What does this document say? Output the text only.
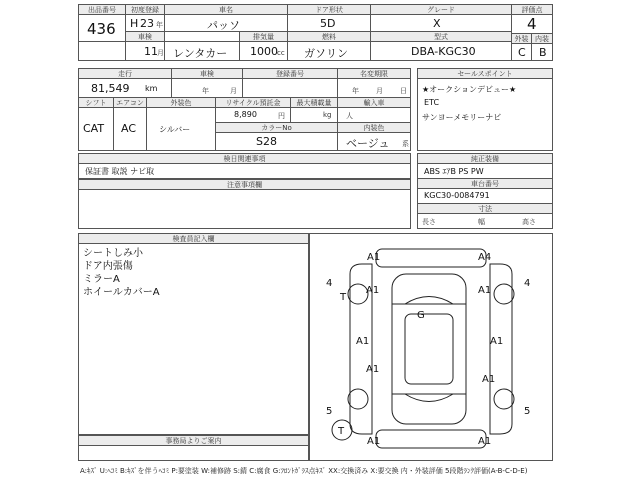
出品番号
436
初度登録
H 23 年
車名
パッソ
ドア形状
5D
グレード
X
評価点
4
車検
11 月 レンタカー
排気量
1000 cc
燃料
ガソリン
型式
DBA-KGC30
外装 内装
C B
走行
81,549 km
車検
年	月
登録番号	名変期限
年 月 日
シフト
CAT
エアコン
AC
外装色
シルバー
リサイクル預託金
8,890	円
最大積載量
kg
輸入車
人
カラーNo
S28
内装色
ベージュ 系
セールスポイント
★オークションデビュー★
ETC
サンヨーメモリーナビ
検日関連事項
保証書 取説 ナビ取
純正装備
ABS ｴｱB PS PW
車台番号
KGC30-0084791
寸法
長さ	幅	高さ
注意事項欄
検査員記入欄
シートしみ小
ドア内張傷
ミラーA
ホイールカバーA
事務局よりご案内
A1	A4
4	4
A1	A1
T
G
A1	A1
A1
A1
5	5
T
A1	A1
A:ｷｽﾞ U:ﾍｺﾐ B:ｷｽﾞを伴うﾍｺﾐ P:要塗装 W:補修跡 S:錆 C:腐食 G:ﾌﾛﾝﾄｶﾞﾗｽ点ｷｽﾞ XX:交換済み X:要交換 内・外装評価 5段階ﾗﾝｸ評価(A-B-C-D-E)
